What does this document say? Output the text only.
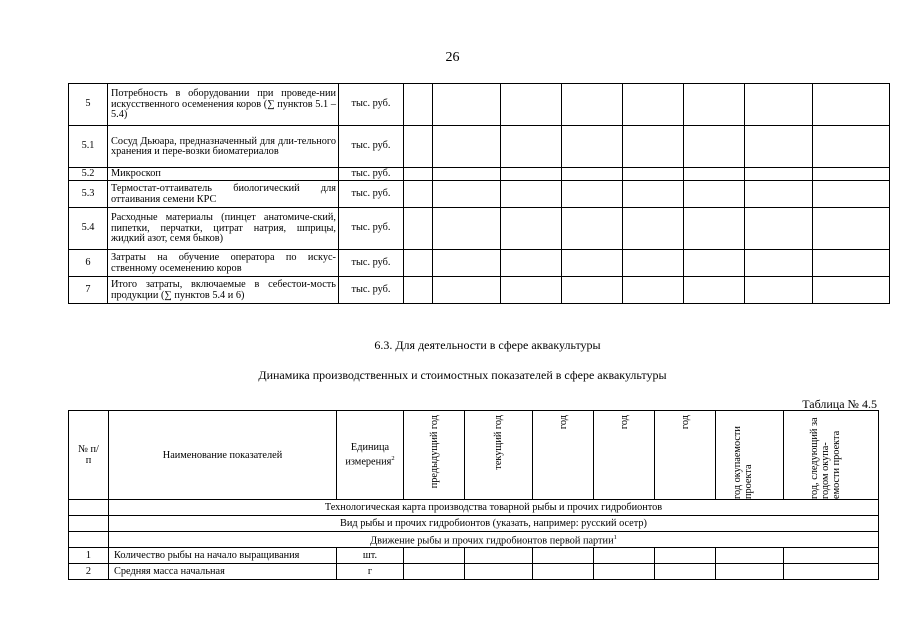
26
5	Потребность в оборудовании при проведе-нии искусственного осеменения коров (∑ пунктов 5.1 –5.4)	тыс. руб.								
5.1	Сосуд Дьюара, предназначенный для дли-тельного хранения и пере-возки биоматериалов	тыс. руб.								
5.2	Микроскоп	тыс. руб.								
5.3	Термостат-оттаиватель биологический для оттаивания семени КРС	тыс. руб.								
5.4	Расходные материалы (пинцет анатомиче-ский, пипетки, перчатки, цитрат натрия, шприцы, жидкий азот, семя быков)	тыс. руб.								
6	Затраты на обучение оператора по искус-ственному осеменению коров	тыс. руб.								
7	Итого затраты, включаемые в себестои-мость продукции (∑ пунктов 5.4 и 6)	тыс. руб.								
6.3. Для деятельности в сфере аквакультуры
Динамика производственных и стоимостных показателей в сфере аквакультуры
Таблица № 4.5
№ п/п	Наименование показателей	Единица измерения$^2$	предыдущий год	текущий год	год	год	год	год окупаемости проекта	год, следующий за годом окупа-емости проекта

	Технологическая карта производства товарной рыбы и прочих гидробионтов								
	Вид рыбы и прочих гидробионтов (указать, например: русский осетр)								
	Движение рыбы и прочих гидробионтов первой партии$^1$
1	Количество рыбы на начало выращивания	шт.							
2	Средняя масса начальная	г							
